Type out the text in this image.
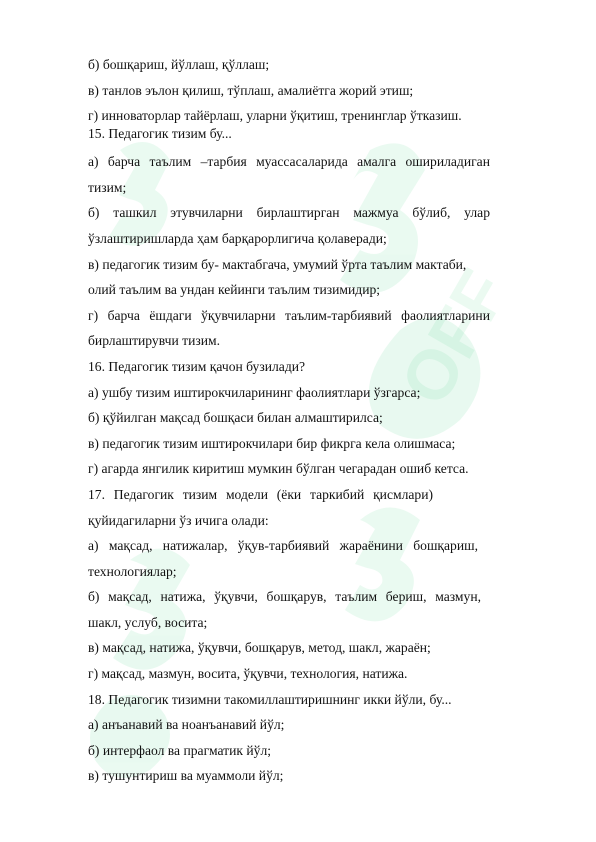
OFF
б) бошқариш, йўллаш, қўллаш;
в) танлов эълон қилиш, тўплаш, амалиётга жорий этиш;
г) инноваторлар тайёрлаш, уларни ўқитиш, тренинглар ўтказиш.
15. Педагогик тизим бу...
а) барча таълим –тарбия муассасаларида амалга ошириладиган
тизим;
б) ташкил этувчиларни бирлаштирган мажмуа бўлиб, улар
ўзлаштиришларда ҳам барқарорлигича қолаверади;
в) педагогик тизим бу- мактабгача, умумий ўрта таълим мактаби,
олий таълим ва ундан кейинги таълим тизимидир;
г) барча ёшдаги ўқувчиларни таълим-тарбиявий фаолиятларини
бирлаштирувчи тизим.
16. Педагогик тизим қачон бузилади?
а) ушбу тизим иштирокчиларининг фаолиятлари ўзгарса;
б) қўйилган мақсад бошқаси билан алмаштирилса;
в) педагогик тизим иштирокчилари бир фикрга кела олишмаса;
г) агарда янгилик киритиш мумкин бўлган чегарадан ошиб кетса.
17. Педагогик тизим модели (ёки таркибий қисмлари)
қуйидагиларни ўз ичига олади:
а) мақсад, натижалар, ўқув-тарбиявий жараёнини бошқариш,
технологиялар;
б) мақсад, натижа, ўқувчи, бошқарув, таълим бериш, мазмун,
шакл, услуб, восита;
в) мақсад, натижа, ўқувчи, бошқарув, метод, шакл, жараён;
г) мақсад, мазмун, восита, ўқувчи, технология, натижа.
18. Педагогик тизимни такомиллаштиришнинг икки йўли, бу...
а) анъанавий ва ноанъанавий йўл;
б) интерфаол ва прагматик йўл;
в) тушунтириш ва муаммоли йўл;
